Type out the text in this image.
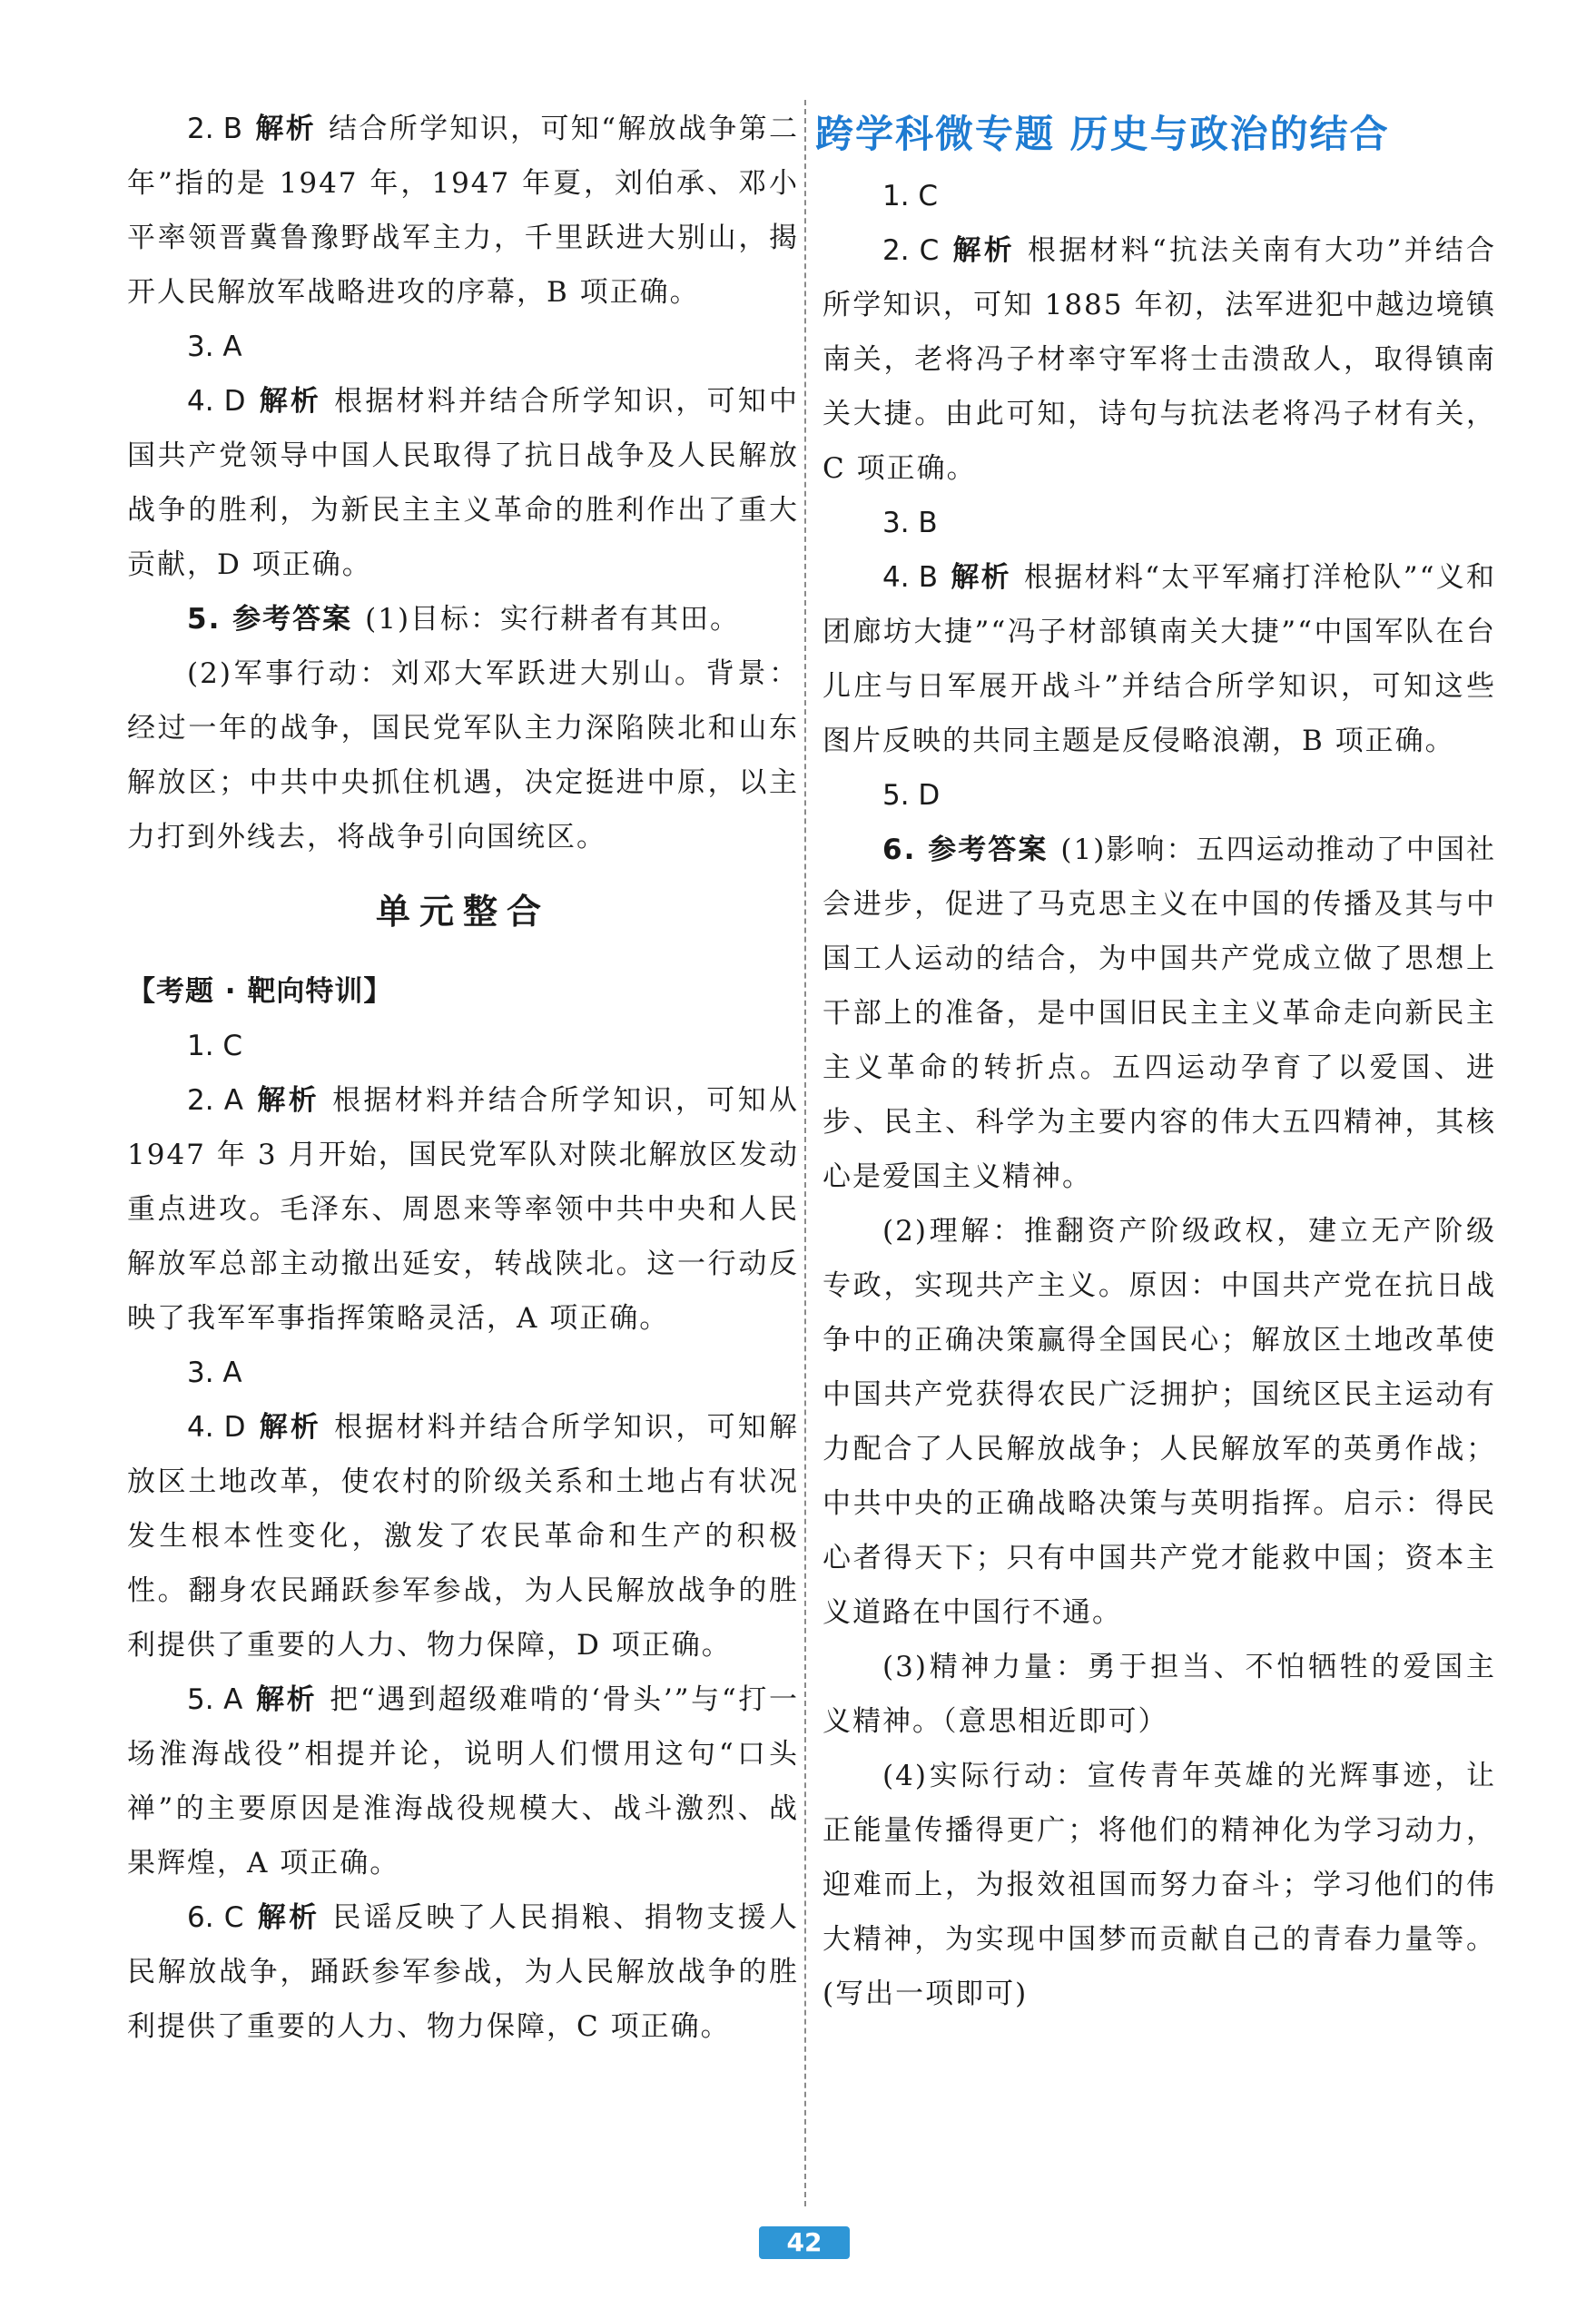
2. B 解析 结合所学知识，可知“解放战争第二年”指的是 1947 年，1947 年夏，刘伯承、邓小平率领晋冀鲁豫野战军主力，千里跃进大别山，揭开人民解放军战略进攻的序幕，B 项正确。

3. A

4. D 解析 根据材料并结合所学知识，可知中国共产党领导中国人民取得了抗日战争及人民解放战争的胜利，为新民主主义革命的胜利作出了重大贡献，D 项正确。

5. 参考答案 (1)目标：实行耕者有其田。

(2)军事行动：刘邓大军跃进大别山。背景：经过一年的战争，国民党军队主力深陷陕北和山东解放区；中共中央抓住机遇，决定挺进中原，以主力打到外线去，将战争引向国统区。

单元整合

【考题 · 靶向特训】

1. C

2. A 解析 根据材料并结合所学知识，可知从 1947 年 3 月开始，国民党军队对陕北解放区发动重点进攻。毛泽东、周恩来等率领中共中央和人民解放军总部主动撤出延安，转战陕北。这一行动反映了我军军事指挥策略灵活，A 项正确。

3. A

4. D 解析 根据材料并结合所学知识，可知解放区土地改革，使农村的阶级关系和土地占有状况发生根本性变化，激发了农民革命和生产的积极性。翻身农民踊跃参军参战，为人民解放战争的胜利提供了重要的人力、物力保障，D 项正确。

5. A 解析 把“遇到超级难啃的‘骨头’”与“打一场淮海战役”相提并论，说明人们惯用这句“口头禅”的主要原因是淮海战役规模大、战斗激烈、战果辉煌，A 项正确。

6. C 解析 民谣反映了人民捐粮、捐物支援人民解放战争，踊跃参军参战，为人民解放战争的胜利提供了重要的人力、物力保障，C 项正确。

跨学科微专题 历史与政治的结合

1. C

2. C 解析 根据材料“抗法关南有大功”并结合所学知识，可知 1885 年初，法军进犯中越边境镇南关，老将冯子材率守军将士击溃敌人，取得镇南关大捷。由此可知，诗句与抗法老将冯子材有关，C 项正确。

3. B

4. B 解析 根据材料“太平军痛打洋枪队”“义和团廊坊大捷”“冯子材部镇南关大捷”“中国军队在台儿庄与日军展开战斗”并结合所学知识，可知这些图片反映的共同主题是反侵略浪潮，B 项正确。

5. D

6. 参考答案 (1)影响：五四运动推动了中国社会进步，促进了马克思主义在中国的传播及其与中国工人运动的结合，为中国共产党成立做了思想上干部上的准备，是中国旧民主主义革命走向新民主主义革命的转折点。五四运动孕育了以爱国、进步、民主、科学为主要内容的伟大五四精神，其核心是爱国主义精神。

(2)理解：推翻资产阶级政权，建立无产阶级专政，实现共产主义。原因：中国共产党在抗日战争中的正确决策赢得全国民心；解放区土地改革使中国共产党获得农民广泛拥护；国统区民主运动有力配合了人民解放战争；人民解放军的英勇作战；中共中央的正确战略决策与英明指挥。启示：得民心者得天下；只有中国共产党才能救中国；资本主义道路在中国行不通。

(3)精神力量：勇于担当、不怕牺牲的爱国主义精神。（意思相近即可）

(4)实际行动：宣传青年英雄的光辉事迹，让正能量传播得更广；将他们的精神化为学习动力，迎难而上，为报效祖国而努力奋斗；学习他们的伟大精神，为实现中国梦而贡献自己的青春力量等。(写出一项即可)

42
